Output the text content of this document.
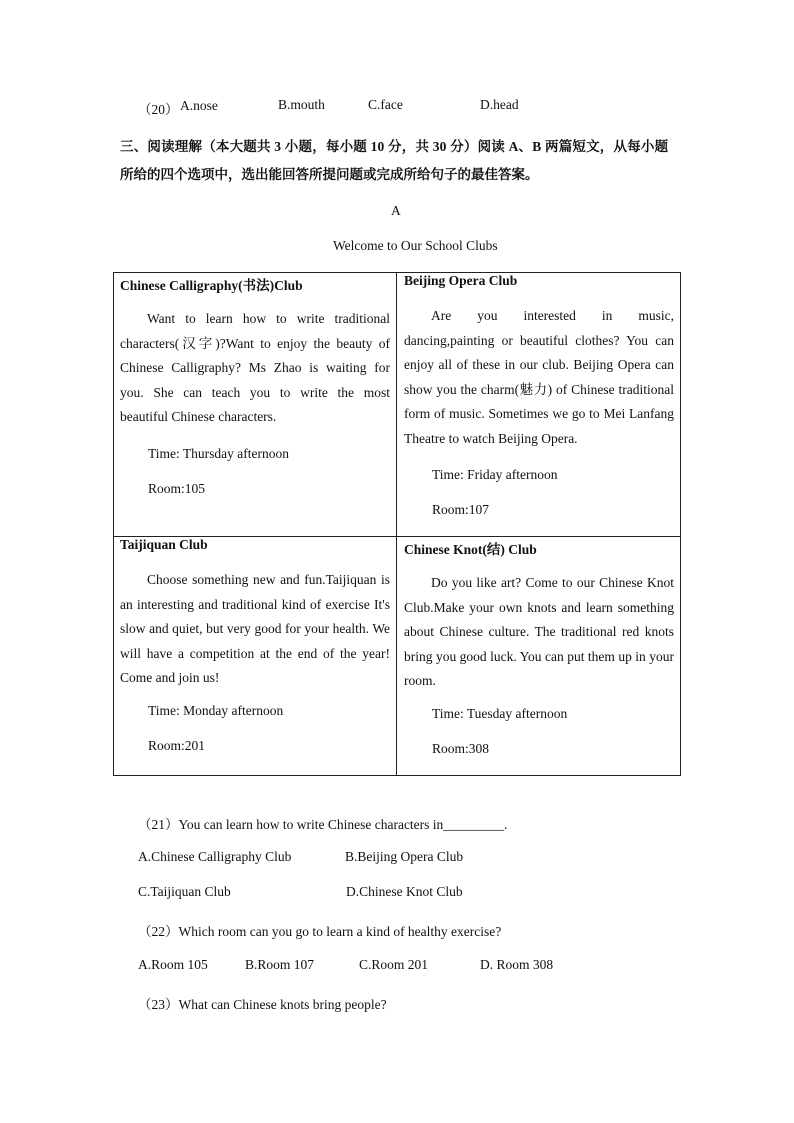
（20） A.nose	B.mouth	C.face	D.head
三、阅读理解（本大题共 3 小题，每小题 10 分，共 30 分）阅读 A、B 两篇短文，从每小题
所给的四个选项中，选出能回答所提问题或完成所给句子的最佳答案。
A
Welcome to Our School Clubs
Chinese Calligraphy(书法)Club
Want to learn how to write traditional characters(汉字)?Want to enjoy the beauty of Chinese Calligraphy? Ms Zhao is waiting for you. She can teach you to write the most beautiful Chinese characters.
Time: Thursday afternoon
Room:105
Beijing Opera Club
Are you interested in music, dancing,painting or beautiful clothes? You can enjoy all of these in our club. Beijing Opera can show you the charm(魅力) of Chinese traditional form of music. Sometimes we go to Mei Lanfang Theatre to watch Beijing Opera.
Time: Friday afternoon
Room:107
Taijiquan Club
Choose something new and fun.Taijiquan is an interesting and traditional kind of exercise It's slow and quiet, but very good for your health. We will have a competition at the end of the year! Come and join us!
Time: Monday afternoon
Room:201
Chinese Knot(结) Club
Do you like art? Come to our Chinese Knot Club.Make your own knots and learn something about Chinese culture. The traditional red knots bring you good luck. You can put them up in your room.
Time: Tuesday afternoon
Room:308
（21）You can learn how to write Chinese characters in_________.
A.Chinese Calligraphy Club	B.Beijing Opera Club
C.Taijiquan Club	D.Chinese Knot Club
（22）Which room can you go to learn a kind of healthy exercise?
A.Room 105	B.Room 107	C.Room 201	D. Room 308
（23）What can Chinese knots bring people?
